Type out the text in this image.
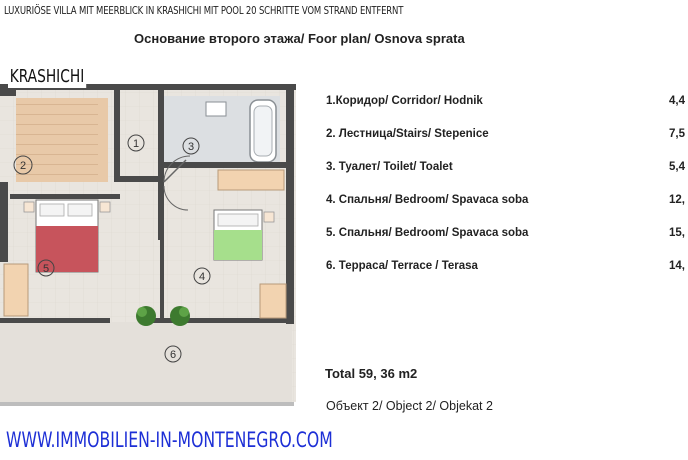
LUXURIÖSE VILLA MIT MEERBLICK IN KRASHICHI MIT POOL 20 SCHRITTE VOM STRAND ENTFERNT
Основание второго этажа/ Foor plan/ Osnova sprata
1
2
3
4
5
6
KRASHICHI
1.Коридор/ Corridor/ Hodnik	4,4
2. Лестница/Stairs/ Stepenice	7,5
3. Туалет/ Toilet/ Toalet	5,4
4. Спальня/ Bedroom/ Spavaca soba	12,
5. Спальня/ Bedroom/ Spavaca soba	15,
6. Терраса/ Terrace / Terasa	14,
Total 59, 36 m2
Объект 2/ Object 2/ Objekat 2
WWW.IMMOBILIEN-IN-MONTENEGRO.COM
